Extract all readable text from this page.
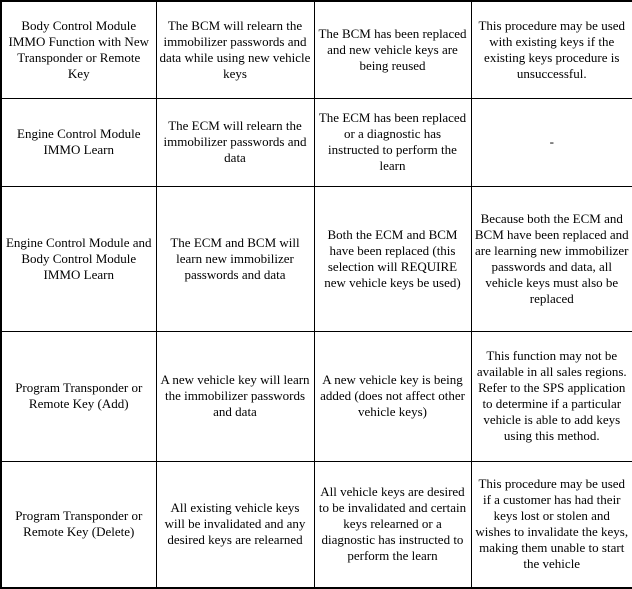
Body Control Module IMMO Function with New Transponder or Remote Key	The BCM will relearn the immobilizer passwords and data while using new vehicle keys	The BCM has been replaced and new vehicle keys are being reused	This procedure may be used with existing keys if the existing keys procedure is unsuccessful.
Engine Control Module IMMO Learn	The ECM will relearn the immobilizer passwords and data	The ECM has been replaced or a diagnostic has instructed to perform the learn	-
Engine Control Module and Body Control Module IMMO Learn	The ECM and BCM will learn new immobilizer passwords and data	Both the ECM and BCM have been replaced (this selection will REQUIRE new vehicle keys be used)	Because both the ECM and BCM have been replaced and are learning new immobilizer passwords and data, all vehicle keys must also be replaced
Program Transponder or Remote Key (Add)	A new vehicle key will learn the immobilizer passwords and data	A new vehicle key is being added (does not affect other vehicle keys)	This function may not be available in all sales regions. Refer to the SPS application to determine if a particular vehicle is able to add keys using this method.
Program Transponder or Remote Key (Delete)	All existing vehicle keys will be invalidated and any desired keys are relearned	All vehicle keys are desired to be invalidated and certain keys relearned or a diagnostic has instructed to perform the learn	This procedure may be used if a customer has had their keys lost or stolen and wishes to invalidate the keys, making them unable to start the vehicle
